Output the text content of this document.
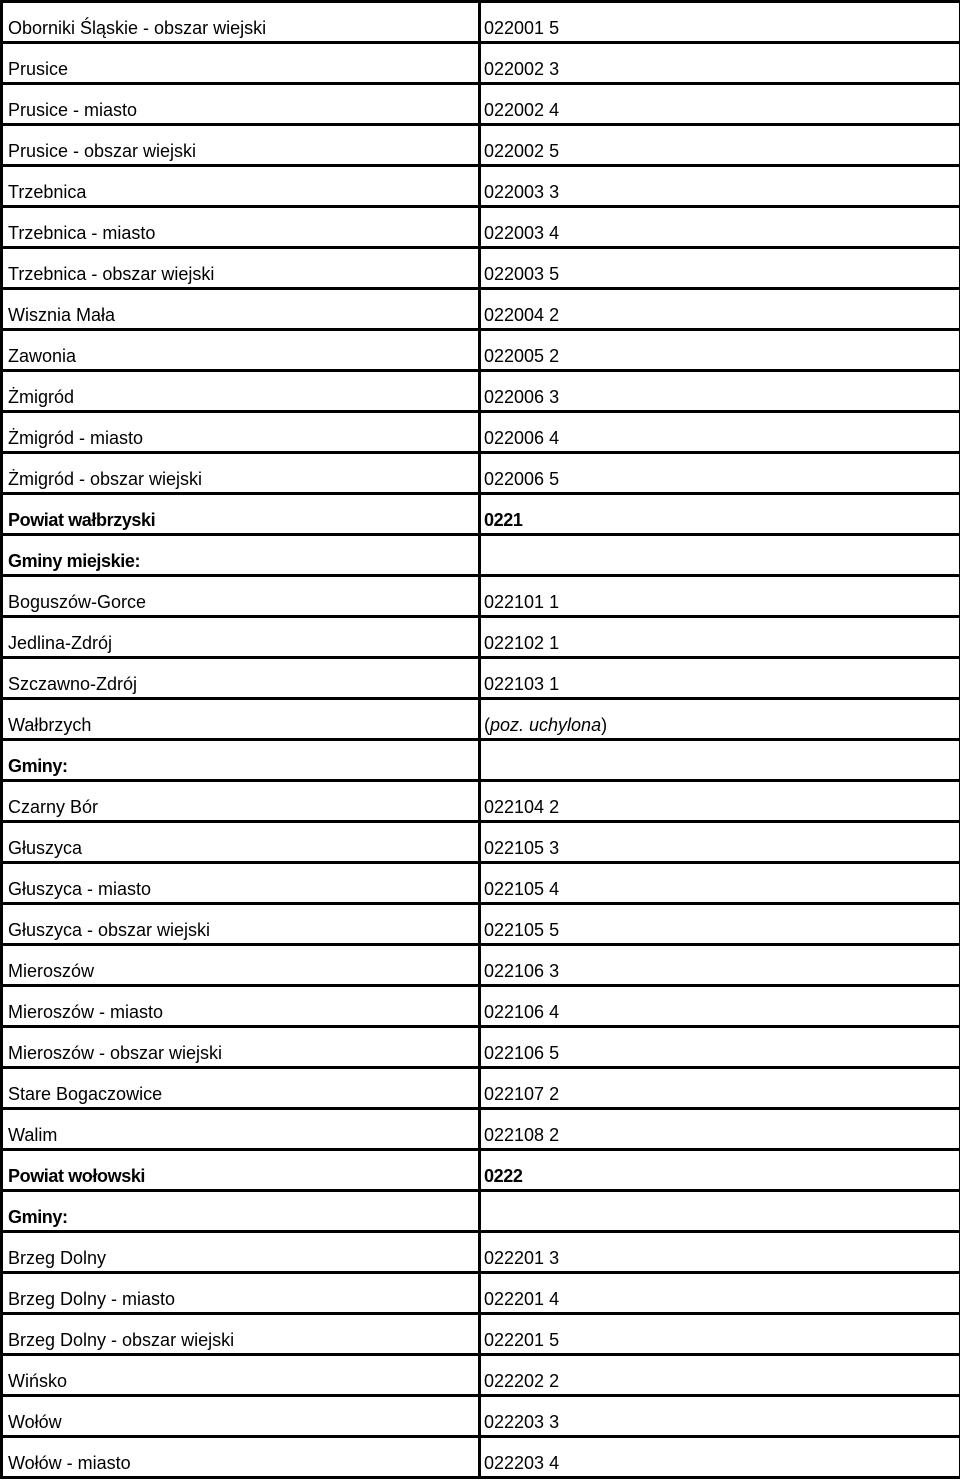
Oborniki Śląskie - obszar wiejski	022001 5
Prusice	022002 3
Prusice - miasto	022002 4
Prusice - obszar wiejski	022002 5
Trzebnica	022003 3
Trzebnica - miasto	022003 4
Trzebnica - obszar wiejski	022003 5
Wisznia Mała	022004 2
Zawonia	022005 2
Żmigród	022006 3
Żmigród - miasto	022006 4
Żmigród - obszar wiejski	022006 5
Powiat wałbrzyski	0221
Gminy miejskie:	
Boguszów-Gorce	022101 1
Jedlina-Zdrój	022102 1
Szczawno-Zdrój	022103 1
Wałbrzych	(poz. uchylona)
Gminy:	
Czarny Bór	022104 2
Głuszyca	022105 3
Głuszyca - miasto	022105 4
Głuszyca - obszar wiejski	022105 5
Mieroszów	022106 3
Mieroszów - miasto	022106 4
Mieroszów - obszar wiejski	022106 5
Stare Bogaczowice	022107 2
Walim	022108 2
Powiat wołowski	0222
Gminy:	
Brzeg Dolny	022201 3
Brzeg Dolny - miasto	022201 4
Brzeg Dolny - obszar wiejski	022201 5
Wińsko	022202 2
Wołów	022203 3
Wołów - miasto	022203 4
